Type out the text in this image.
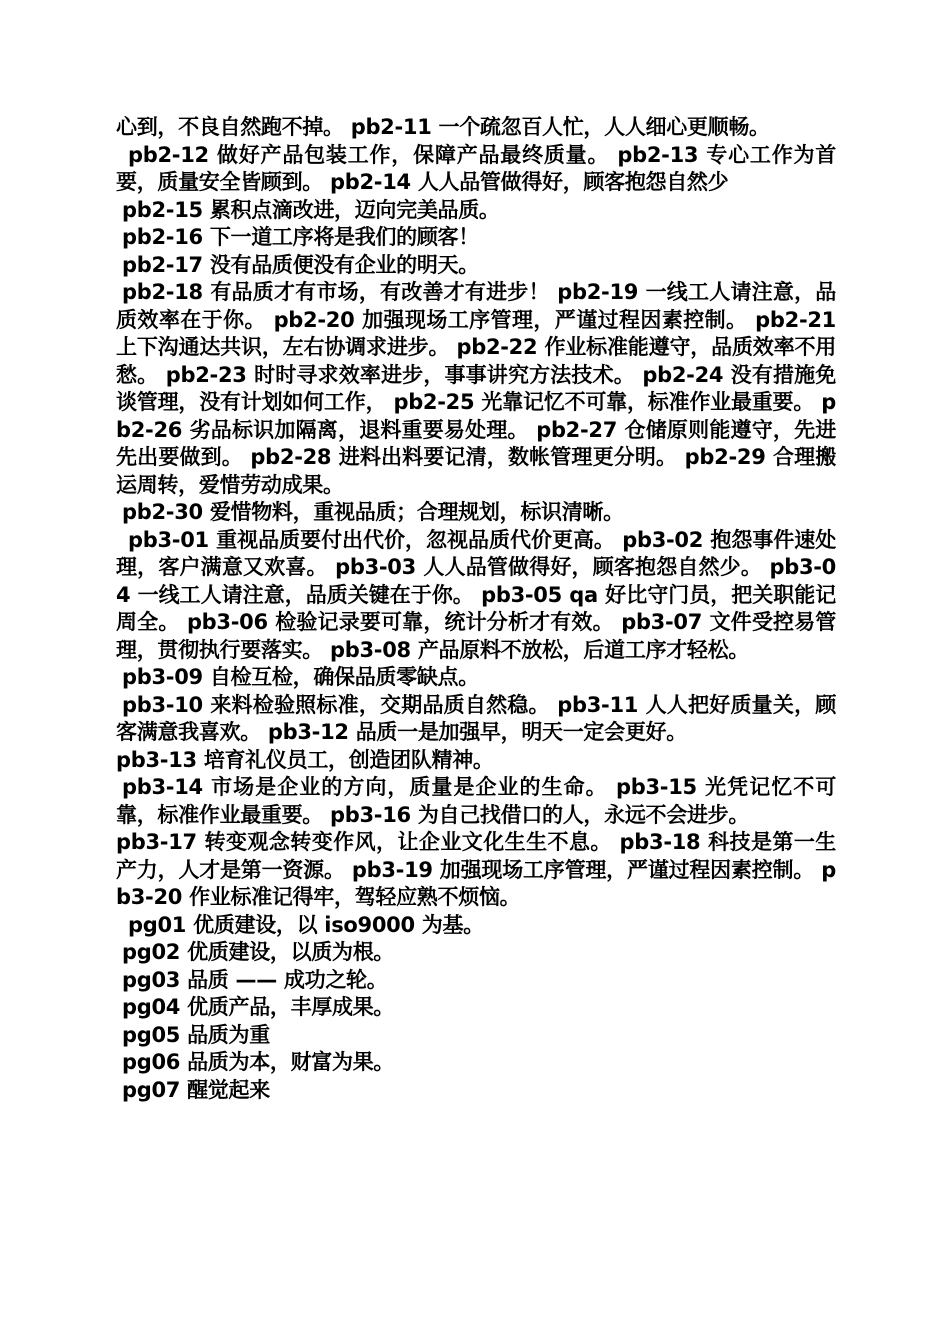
心到，不良自然跑不掉。 pb2-11 一个疏忽百人忙，人人细心更顺畅。

pb2-12 做好产品包装工作，保障产品最终质量。 pb2-13 专心工作为首要，质量安全皆顾到。 pb2-14 人人品管做得好，顾客抱怨自然少

pb2-15 累积点滴改进，迈向完美品质。

pb2-16 下一道工序将是我们的顾客！

pb2-17 没有品质便没有企业的明天。

pb2-18 有品质才有市场，有改善才有进步！ pb2-19 一线工人请注意，品质效率在于你。 pb2-20 加强现场工序管理，严谨过程因素控制。 pb2-21 上下沟通达共识，左右协调求进步。 pb2-22 作业标准能遵守，品质效率不用愁。 pb2-23 时时寻求效率进步，事事讲究方法技术。 pb2-24 没有措施免谈管理，没有计划如何工作， pb2-25 光靠记忆不可靠，标准作业最重要。 pb2-26 劣品标识加隔离，退料重要易处理。 pb2-27 仓储原则能遵守，先进先出要做到。 pb2-28 进料出料要记清，数帐管理更分明。 pb2-29 合理搬运周转，爱惜劳动成果。

pb2-30 爱惜物料，重视品质；合理规划，标识清晰。

pb3-01 重视品质要付出代价，忽视品质代价更高。 pb3-02 抱怨事件速处理，客户满意又欢喜。 pb3-03 人人品管做得好，顾客抱怨自然少。 pb3-04 一线工人请注意，品质关键在于你。 pb3-05 qa 好比守门员，把关职能记周全。 pb3-06 检验记录要可靠，统计分析才有效。 pb3-07 文件受控易管理，贯彻执行要落实。 pb3-08 产品原料不放松，后道工序才轻松。

pb3-09 自检互检，确保品质零缺点。

pb3-10 来料检验照标准，交期品质自然稳。 pb3-11 人人把好质量关，顾客满意我喜欢。 pb3-12 品质一是加强早，明天一定会更好。

pb3-13 培育礼仪员工，创造团队精神。

pb3-14 市场是企业的方向，质量是企业的生命。 pb3-15 光凭记忆不可靠，标准作业最重要。 pb3-16 为自己找借口的人，永远不会进步。

pb3-17 转变观念转变作风，让企业文化生生不息。 pb3-18 科技是第一生产力，人才是第一资源。 pb3-19 加强现场工序管理，严谨过程因素控制。 pb3-20 作业标准记得牢，驾轻应熟不烦恼。

pg01 优质建设，以 iso9000 为基。

pg02 优质建设，以质为根。

pg03 品质 —— 成功之轮。

pg04 优质产品，丰厚成果。

pg05 品质为重

pg06 品质为本，财富为果。

pg07 醒觉起来
